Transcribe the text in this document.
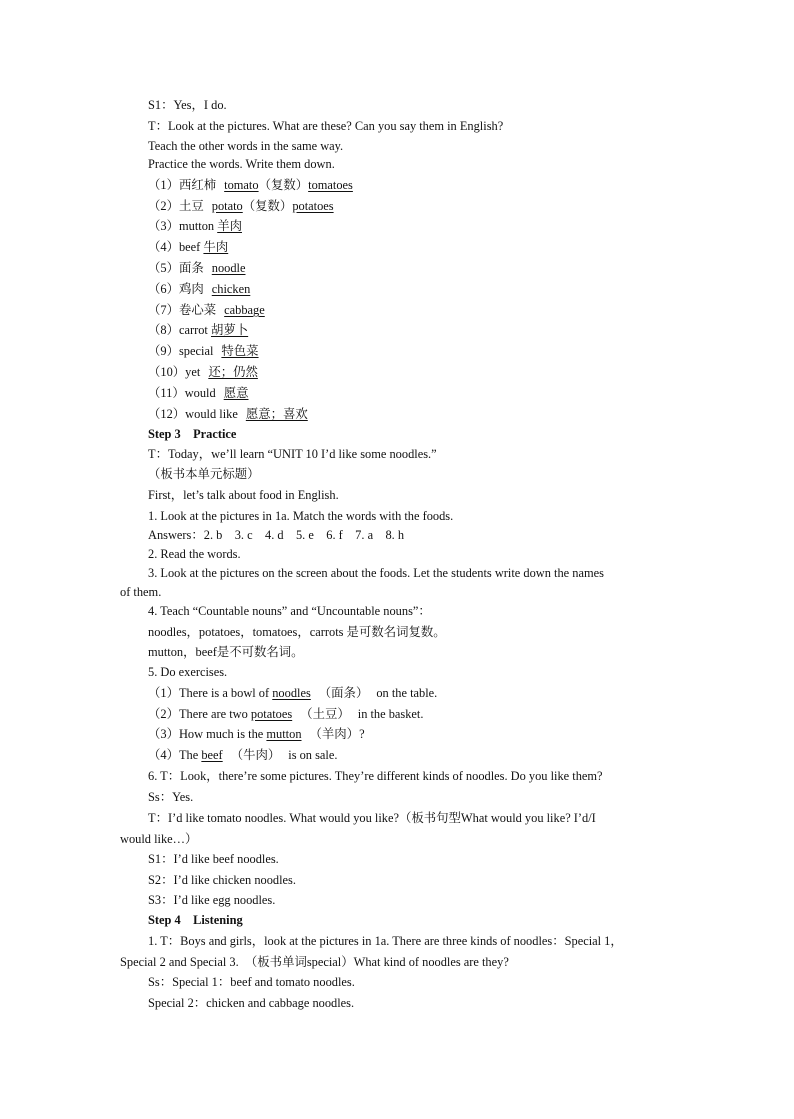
S1：Yes，I do.
T：Look at the pictures. What are these? Can you say them in English?
Teach the other words in the same way.
Practice the words. Write them down.
（1）西红柿 tomato（复数）tomatoes
（2）土豆 potato（复数）potatoes
（3）mutton 羊肉
（4）beef 牛肉
（5）面条 noodle
（6）鸡肉 chicken
（7）卷心菜 cabbage
（8）carrot 胡萝卜
（9）special 特色菜
（10）yet 还；仍然
（11）would 愿意
（12）would like 愿意；喜欢
Step 3　Practice
T：Today，we’ll learn “UNIT 10 I’d like some noodles.”
（板书本单元标题）
First，let’s talk about food in English.
1. Look at the pictures in 1a. Match the words with the foods.
Answers：2. b　3. c　4. d　5. e　6. f　7. a　8. h
2. Read the words.
3. Look at the pictures on the screen about the foods. Let the students write down the names
of them.
4. Teach “Countable nouns” and “Uncountable nouns”：
noodles，potatoes，tomatoes，carrots 是可数名词复数。
mutton，beef是不可数名词。
5. Do exercises.
（1）There is a bowl of noodles （面条） on the table.
（2）There are two potatoes （土豆） in the basket.
（3）How much is the mutton （羊肉）?
（4）The beef （牛肉） is on sale.
6. T：Look，there’re some pictures. They’re different kinds of noodles. Do you like them?
Ss：Yes.
T：I’d like tomato noodles. What would you like?（板书句型What would you like? I’d/I
would like…）
S1：I’d like beef noodles.
S2：I’d like chicken noodles.
S3：I’d like egg noodles.
Step 4　Listening
1. T：Boys and girls，look at the pictures in 1a. There are three kinds of noodles：Special 1，
Special 2 and Special 3.　（板书单词special）What kind of noodles are they?
Ss：Special 1：beef and tomato noodles.
Special 2：chicken and cabbage noodles.
